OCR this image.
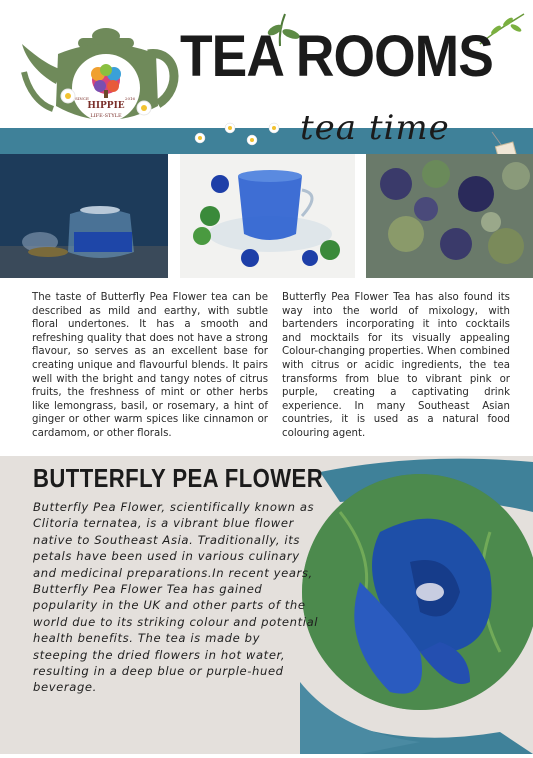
HIPPIE
LIFE-STYLE
SINCE	2016
TEA ROOMS
tea time
The taste of Butterfly Pea Flower tea can be described as mild and earthy, with subtle floral undertones. It has a smooth and refreshing quality that does not have a strong flavour, so serves as an excellent base for creating unique and flavourful blends. It pairs well with the bright and tangy notes of citrus fruits, the freshness of mint or other herbs like lemongrass, basil, or rosemary, a hint of ginger or other warm spices like cinnamon or cardamom, or other florals.
Butterfly Pea Flower Tea has also found its way into the world of mixology, with bartenders incorporating it into cocktails and mocktails for its visually appealing Colour-changing properties. When combined with citrus or acidic ingredients, the tea transforms from blue to vibrant pink or purple, creating a captivating drink experience. In many Southeast Asian countries, it is used as a natural food colouring agent.
BUTTERFLY PEA FLOWER
Butterfly Pea Flower, scientifically known as Clitoria ternatea, is a vibrant blue flower native to Southeast Asia. Traditionally, its petals have been used in various culinary and medicinal preparations.In recent years, Butterfly Pea Flower Tea has gained popularity in the UK and other parts of the world due to its striking colour and potential health benefits. The tea is made by steeping the dried flowers in hot water, resulting in a deep blue or purple-hued beverage.
